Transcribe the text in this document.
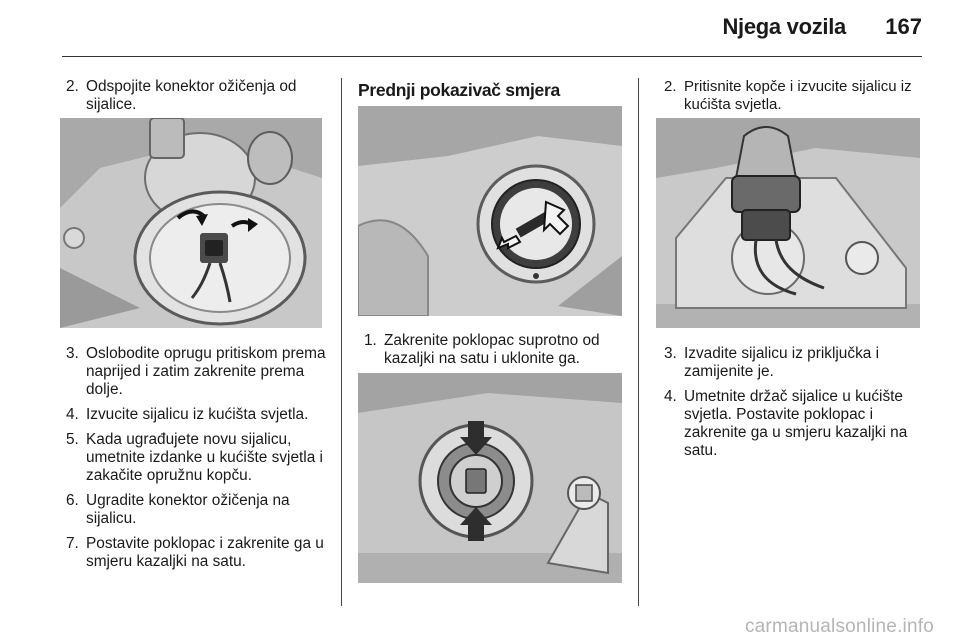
Njega vozila	167
2. Odspojite konektor ožičenja od sijalice.
3. Oslobodite oprugu pritiskom prema naprijed i zatim zakrenite prema dolje.
4. Izvucite sijalicu iz kućišta svjetla.
5. Kada ugrađujete novu sijalicu, umetnite izdanke u kućište svjetla i zakačite opružnu kopču.
6. Ugradite konektor ožičenja na sijalicu.
7. Postavite poklopac i zakrenite ga u smjeru kazaljki na satu.
Prednji pokazivač smjera
1. Zakrenite poklopac suprotno od kazaljki na satu i uklonite ga.
2. Pritisnite kopče i izvucite sijalicu iz kućišta svjetla.
3. Izvadite sijalicu iz priključka i zamijenite je.
4. Umetnite držač sijalice u kućište svjetla. Postavite poklopac i zakrenite ga u smjeru kazaljki na satu.
carmanualsonline.info
